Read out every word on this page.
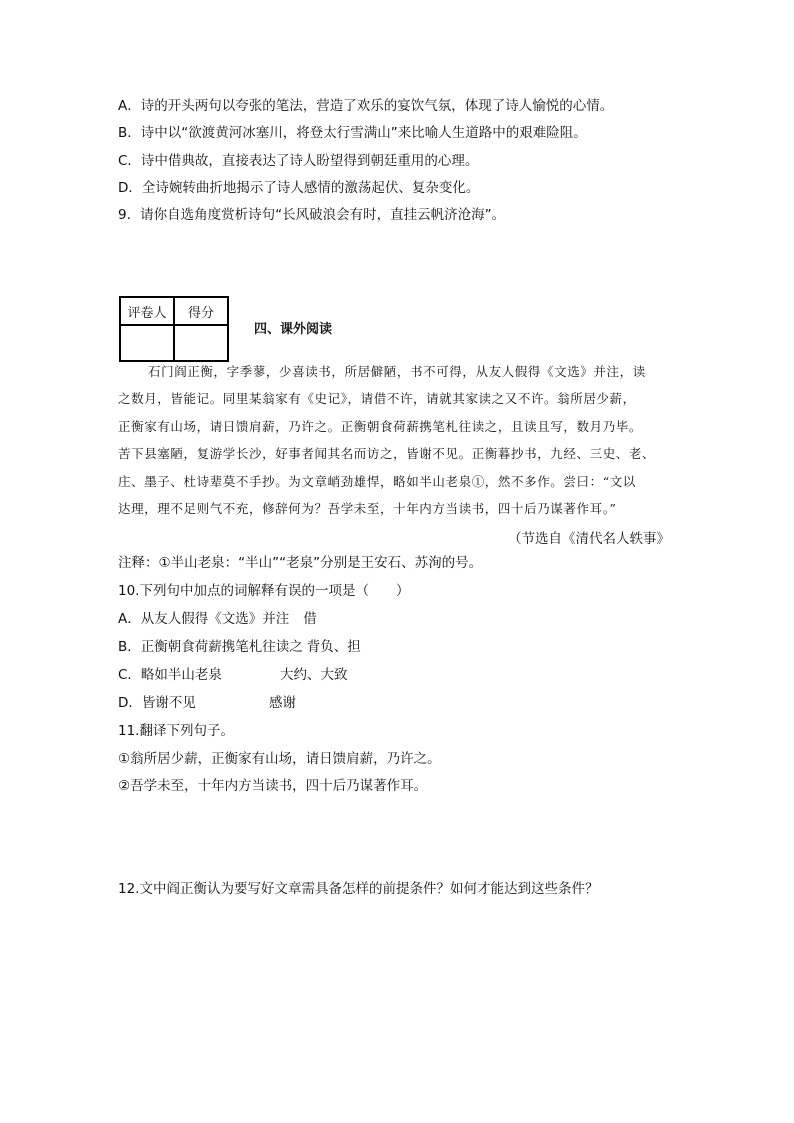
A．诗的开头两句以夸张的笔法，营造了欢乐的宴饮气氛，体现了诗人愉悦的心情。
B．诗中以“欲渡黄河冰塞川，将登太行雪满山”来比喻人生道路中的艰难险阻。
C．诗中借典故，直接表达了诗人盼望得到朝廷重用的心理。
D．全诗婉转曲折地揭示了诗人感情的激荡起伏、复杂变化。
9．请你自选角度赏析诗句“长风破浪会有时，直挂云帆济沧海”。
评卷人	得分

四、课外阅读
石门阎正衡，字季蓼，少喜读书，所居僻陋，书不可得，从友人假得《文选》并注，读
之数月，皆能记。同里某翁家有《史记》，请借不许，请就其家读之又不许。翁所居少薪，
正衡家有山场，请日馈肩薪，乃许之。正衡朝食荷薪携笔札往读之，且读且写，数月乃毕。
苦下县塞陋，复游学长沙，好事者闻其名而访之，皆谢不见。正衡暮抄书，九经、三史、老、
庄、墨子、杜诗辈莫不手抄。为文章峭劲雄悍，略如半山老泉①，然不多作。尝曰：“文以
达理，理不足则气不充，修辞何为？吾学未至，十年内方当读书，四十后乃谋著作耳。”
（节选自《清代名人轶事》
注释：①半山老泉：“半山”“老泉”分别是王安石、苏洵的号。
10.下列句中加点的词解释有误的一项是（　　）
A．从友人假得《文选》并注 借
B．正衡朝食荷薪携笔札往读之 背负、担
C．略如半山老泉	大约、大致
D．皆谢不见	感谢
11.翻译下列句子。
①翁所居少薪，正衡家有山场，请日馈肩薪，乃许之。
②吾学未至，十年内方当读书，四十后乃谋著作耳。
12.文中阎正衡认为要写好文章需具备怎样的前提条件？如何才能达到这些条件？
